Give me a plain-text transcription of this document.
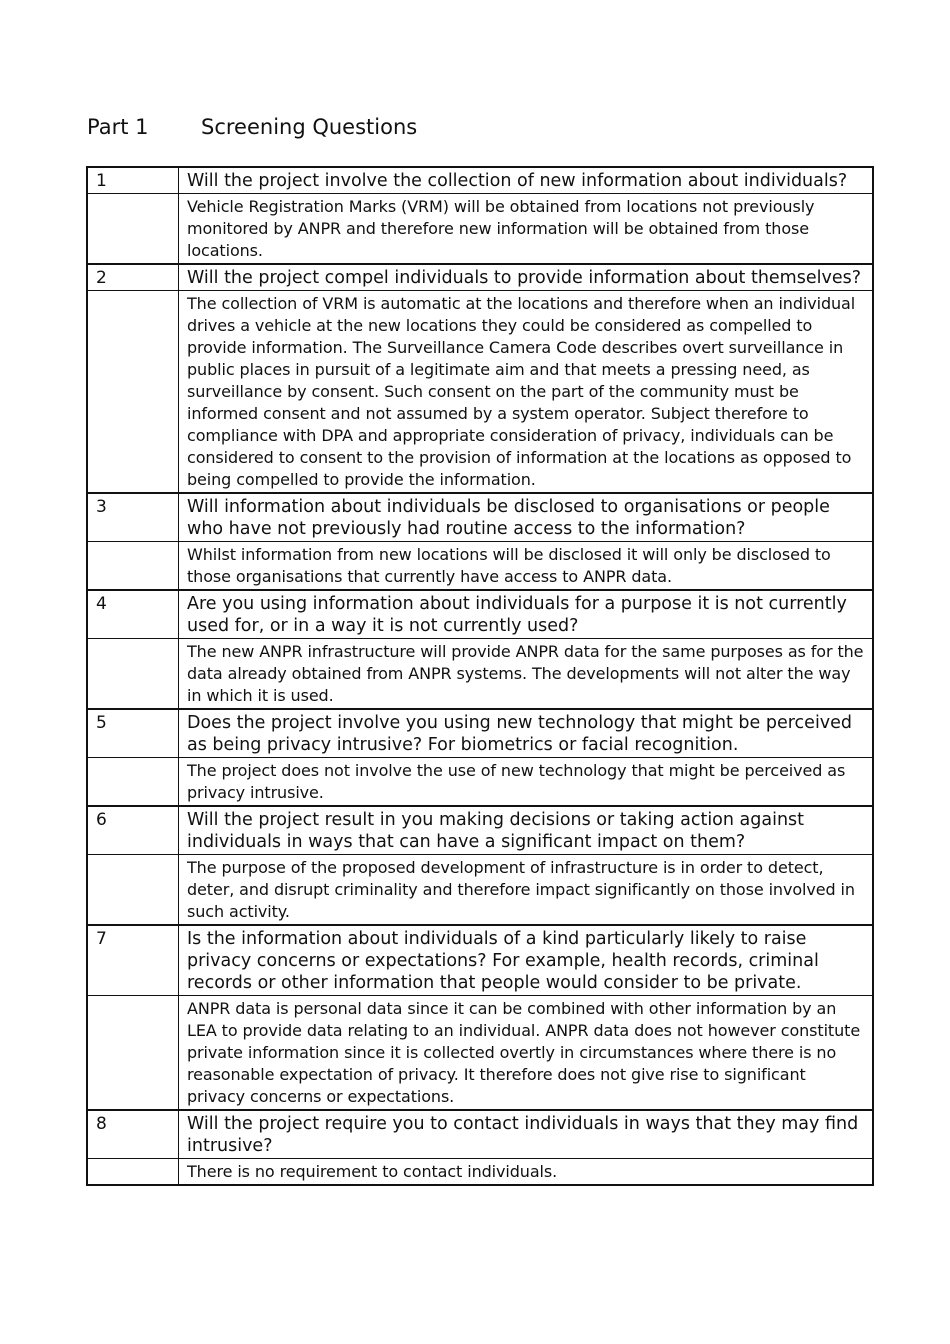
Part 1	Screening Questions
1	Will the project involve the collection of new information about individuals?
	Vehicle Registration Marks (VRM) will be obtained from locations not previously monitored by ANPR and therefore new information will be obtained from those locations.
2	Will the project compel individuals to provide information about themselves?
	The collection of VRM is automatic at the locations and therefore when an individual drives a vehicle at the new locations they could be considered as compelled to provide information. The Surveillance Camera Code describes overt surveillance in public places in pursuit of a legitimate aim and that meets a pressing need, as surveillance by consent. Such consent on the part of the community must be informed consent and not assumed by a system operator. Subject therefore to compliance with DPA and appropriate consideration of privacy, individuals can be considered to consent to the provision of information at the locations as opposed to being compelled to provide the information.
3	Will information about individuals be disclosed to organisations or people who have not previously had routine access to the information?
	Whilst information from new locations will be disclosed it will only be disclosed to those organisations that currently have access to ANPR data.
4	Are you using information about individuals for a purpose it is not currently used for, or in a way it is not currently used?
	The new ANPR infrastructure will provide ANPR data for the same purposes as for the data already obtained from ANPR systems. The developments will not alter the way in which it is used.
5	Does the project involve you using new technology that might be perceived as being privacy intrusive? For biometrics or facial recognition.
	The project does not involve the use of new technology that might be perceived as privacy intrusive.
6	Will the project result in you making decisions or taking action against individuals in ways that can have a significant impact on them?
	The purpose of the proposed development of infrastructure is in order to detect, deter, and disrupt criminality and therefore impact significantly on those involved in such activity.
7	Is the information about individuals of a kind particularly likely to raise privacy concerns or expectations? For example, health records, criminal records or other information that people would consider to be private.
	ANPR data is personal data since it can be combined with other information by an LEA to provide data relating to an individual. ANPR data does not however constitute private information since it is collected overtly in circumstances where there is no reasonable expectation of privacy. It therefore does not give rise to significant privacy concerns or expectations.
8	Will the project require you to contact individuals in ways that they may find intrusive?
	There is no requirement to contact individuals.
